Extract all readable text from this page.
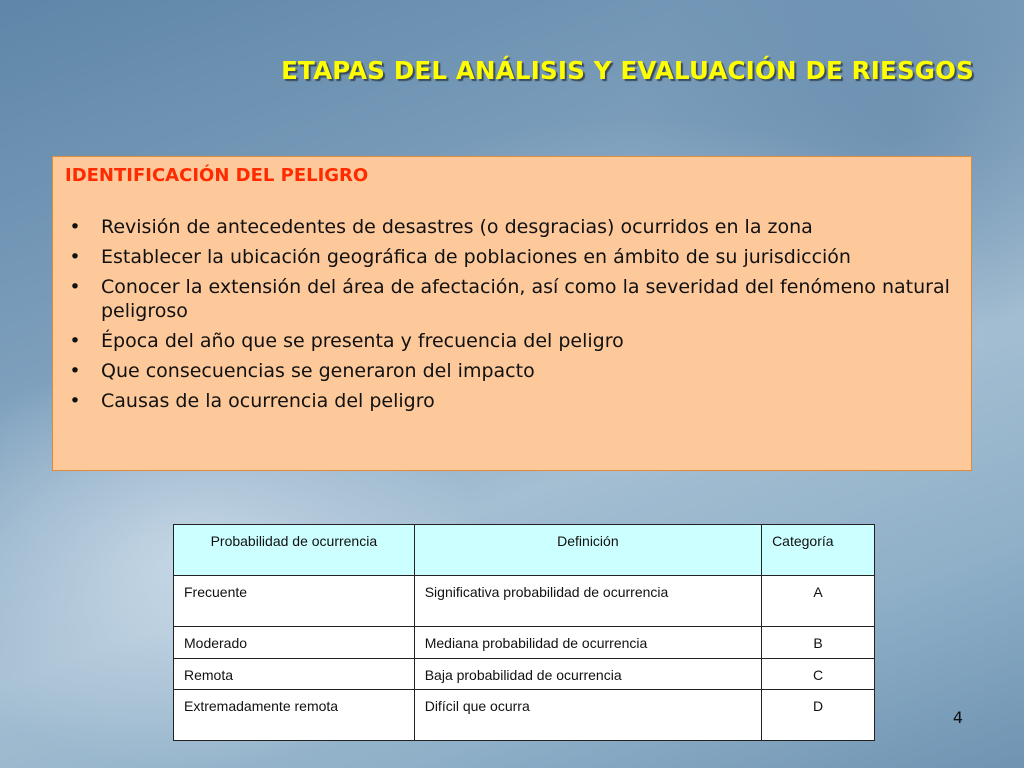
ETAPAS DEL ANÁLISIS Y EVALUACIÓN DE RIESGOS
IDENTIFICACIÓN DEL PELIGRO
• Revisión de antecedentes de desastres (o desgracias) ocurridos en la zona
• Establecer la ubicación geográfica de poblaciones en ámbito de su jurisdicción
• Conocer la extensión del área de afectación, así como la severidad del fenómeno natural peligroso
• Época del año que se presenta y frecuencia del peligro
• Que consecuencias se generaron del impacto
• Causas de la ocurrencia del peligro
Probabilidad de ocurrencia	Definición	Categoría
Frecuente	Significativa probabilidad de ocurrencia	A
Moderado	Mediana probabilidad de ocurrencia	B
Remota	Baja probabilidad de ocurrencia	C
Extremadamente remota	Difícil que ocurra	D
4
